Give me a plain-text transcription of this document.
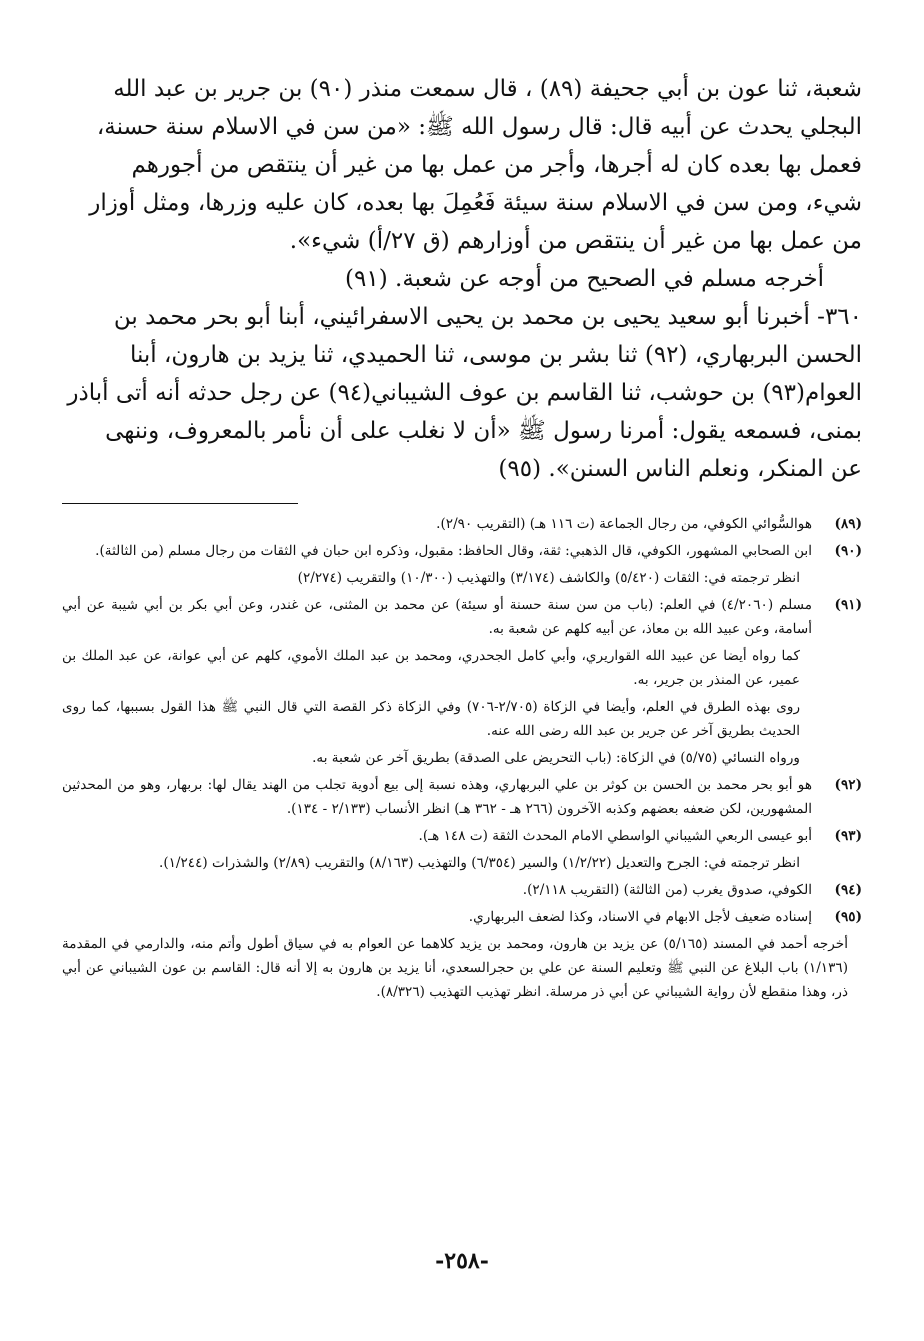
شعبة، ثنا عون بن أبي جحيفة (٨٩) ، قال سمعت منذر (٩٠) بن جرير بن عبد الله

البجلي يحدث عن أبيه قال: قال رسول الله ﷺ: «من سن في الاسلام سنة حسنة،

فعمل بها بعده كان له أجرها، وأجر من عمل بها من غير أن ينتقص من أجورهم

شيء، ومن سن في الاسلام سنة سيئة فَعُمِلَ بها بعده، كان عليه وزرها، ومثل أوزار

من عمل بها من غير أن ينتقص من أوزارهم (ق ٢٧/أ) شيء».

أخرجه مسلم في الصحيح من أوجه عن شعبة. (٩١)

٣٦٠- أخبرنا أبو سعيد يحيى بن محمد بن يحيى الاسفرائيني، أبنا أبو بحر محمد بن

الحسن البربهاري، (٩٢) ثنا بشر بن موسى، ثنا الحميدي، ثنا يزيد بن هارون، أبنا

العوام(٩٣) بن حوشب، ثنا القاسم بن عوف الشيباني(٩٤) عن رجل حدثه أنه أتى أباذر

بمنى، فسمعه يقول: أمرنا رسول ﷺ «أن لا نغلب على أن نأمر بالمعروف، وننهى

عن المنكر، ونعلم الناس السنن». (٩٥)

(٨٩)

هوالسُّوائي الكوفي، من رجال الجماعة (ت ١١٦ هـ) (التقريب ٢/٩٠).

(٩٠)

ابن الصحابي المشهور، الكوفي، قال الذهبي: ثقة، وقال الحافظ: مقبول، وذكره ابن حبان في الثقات من رجال مسلم (من الثالثة).

انظر ترجمته في: الثقات (٥/٤٢٠) والكاشف (٣/١٧٤) والتهذيب (١٠/٣٠٠) والتقريب (٢/٢٧٤)

(٩١)

مسلم (٤/٢٠٦٠) في العلم: (باب من سن سنة حسنة أو سيئة) عن محمد بن المثنى، عن غندر، وعن أبي بكر بن أبي شيبة عن أبي أسامة، وعن عبيد الله بن معاذ، عن أبيه كلهم عن شعبة به.

كما رواه أيضا عن عبيد الله القواريري، وأبي كامل الجحدري، ومحمد بن عبد الملك الأموي، كلهم عن أبي عوانة، عن عبد الملك بن عمير، عن المنذر بن جرير، به.

روى بهذه الطرق في العلم، وأيضا في الزكاة (٢/٧٠٥-٧٠٦) وفي الزكاة ذكر القصة التي قال النبي ﷺ هذا القول بسببها، كما روى الحديث بطريق آخر عن جرير بن عبد الله رضى الله عنه.

ورواه النسائي (٥/٧٥) في الزكاة: (باب التحريض على الصدقة) بطريق آخر عن شعبة به.

(٩٢)

هو أبو بحر محمد بن الحسن بن كوثر بن علي البربهاري، وهذه نسبة إلى بيع أدوية تجلب من الهند يقال لها: بربهار، وهو من المحدثين المشهورين، لكن ضعفه بعضهم وكذبه الآخرون (٢٦٦ هـ - ٣٦٢ هـ) انظر الأنساب (٢/١٣٣ - ١٣٤).

(٩٣)

أبو عيسى الربعي الشيباني الواسطي الامام المحدث الثقة (ت ١٤٨ هـ).

انظر ترجمته في: الجرح والتعديل (١/٢/٢٢) والسير (٦/٣٥٤) والتهذيب (٨/١٦٣) والتقريب (٢/٨٩) والشذرات (١/٢٤٤).

(٩٤)

الكوفي، صدوق يغرب (من الثالثة) (التقريب ٢/١١٨).

(٩٥)

إسناده ضعيف لأجل الابهام في الاسناد، وكذا لضعف البربهاري.

أخرجه أحمد في المسند (٥/١٦٥) عن يزيد بن هارون، ومحمد بن يزيد كلاهما عن العوام به في سياق أطول وأتم منه، والدارمي في المقدمة (١/١٣٦) باب البلاغ عن النبي ﷺ وتعليم السنة عن علي بن حجرالسعدي، أنا يزيد بن هارون به إلا أنه قال: القاسم بن عون الشيباني عن أبي ذر، وهذا منقطع لأن رواية الشيباني عن أبي ذر مرسلة. انظر تهذيب التهذيب (٨/٣٢٦).

-٢٥٨-
